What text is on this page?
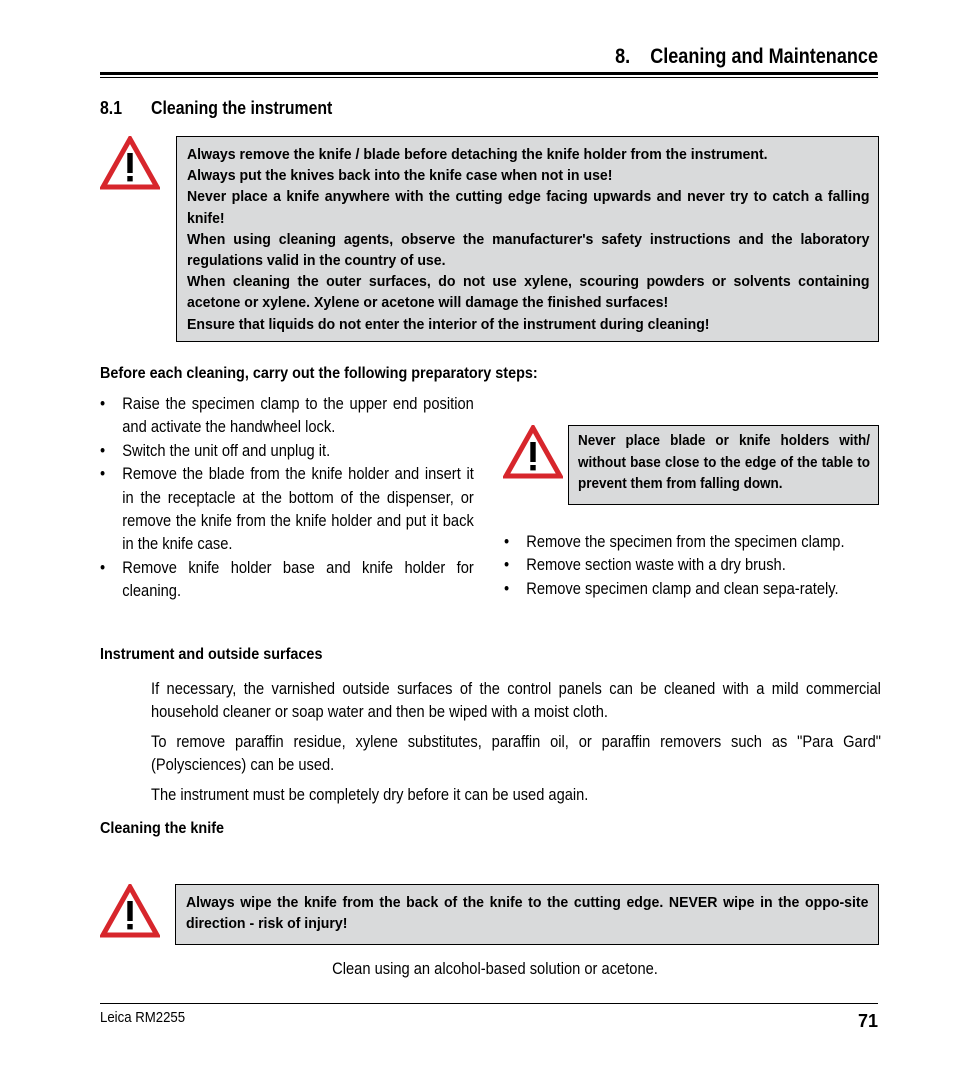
8.    Cleaning and Maintenance
8.1 Cleaning the instrument

Always remove the knife / blade before detaching the knife holder from the instrument.

Always put the knives back into the knife case when not in use!

Never place a knife anywhere with the cutting edge facing upwards and never try to catch a falling knife!

When using cleaning agents, observe the manufacturer's safety instructions and the laboratory regulations valid in the country of use.

When cleaning the outer surfaces, do not use xylene, scouring powders or solvents containing acetone or xylene. Xylene or acetone will damage the finished surfaces!

Ensure that liquids do not enter the interior of the instrument during cleaning!

Before each cleaning, carry out the following preparatory steps:
• Raise the specimen clamp to the upper end position and activate the handwheel lock.
• Switch the unit off and unplug it.
• Remove the blade from the knife holder and insert it in the receptacle at the bottom of the dispenser, or remove the knife from the knife holder and put it back in the knife case.
• Remove knife holder base and knife holder for cleaning.

Never place blade or knife holders with/ without base close to the edge of the table to prevent them from falling down.

• Remove the specimen from the specimen clamp.
• Remove section waste with a dry brush.
• Remove specimen clamp and clean sepa-rately.
Instrument and outside surfaces

If necessary, the varnished outside surfaces of the control panels can be cleaned with a mild commercial household cleaner or soap water and then be wiped with a moist cloth.

To remove paraffin residue, xylene substitutes, paraffin oil, or paraffin removers such as "Para Gard" (Polysciences) can be used.

The instrument must be completely dry before it can be used again.

Cleaning the knife

Always wipe the knife from the back of the knife to the cutting edge. NEVER wipe in the oppo-site direction - risk of injury!

Clean using an alcohol-based solution or acetone.
Leica RM2255	71
